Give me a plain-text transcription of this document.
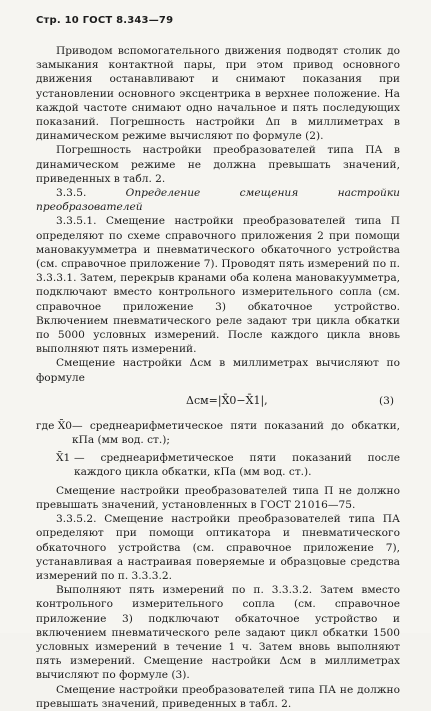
Стр. 10 ГОСТ 8.343—79

Приводом вспомогательного движения подводят столик до замыкания контактной пары, при этом привод основного движения останавливают и снимают показания при установлении основного эксцентрика в верхнее положение. На каждой частоте снимают одно начальное и пять последующих показаний. Погрешность настройки Δп в миллиметрах в динамическом режиме вычисляют по формуле (2).

Погрешность настройки преобразователей типа ПА в динамическом режиме не должна превышать значений, приведенных в табл. 2.

3.3.5.	Определение смещения настройки преобразователей

3.3.5.1. Смещение настройки преобразователей типа П определяют по схеме справочного приложения 2 при помощи мановакуумметра и пневматического обкаточного устройства (см. справочное приложение 7). Проводят пять измерений по п. 3.3.3.1. Затем, перекрыв кранами оба колена мановакуумметра, подключают вместо контрольного измерительного сопла (см. справочное приложение 3) обкаточное устройство. Включением пневматического реле задают три цикла обкатки по 5000 условных измерений. После каждого цикла вновь выполняют пять измерений.

Смещение настройки Δсм в миллиметрах вычисляют по формуле

Δсм=|X̄0−X̄1|,	(3)
где X̄0 — среднеарифметическое пяти показаний до обкатки, кПа (мм вод. ст.);
X̄1 — среднеарифметическое пяти показаний после каждого цикла обкатки, кПа (мм вод. ст.).

Смещение настройки преобразователей типа П не должно превышать значений, установленных в ГОСТ 21016—75.

3.3.5.2. Смещение настройки преобразователей типа ПА определяют при помощи оптикатора и пневматического обкаточного устройства (см. справочное приложение 7), устанавливая а настраивая поверяемые и образцовые средства измерений по п. 3.3.3.2.

Выполняют пять измерений по п. 3.3.3.2. Затем вместо контрольного измерительного сопла (см. справочное приложение 3) подключают обкаточное устройство и включением пневматического реле задают цикл обкатки 1500 условных измерений в течение 1 ч. Затем вновь выполняют пять измерений. Смещение настройки Δсм в миллиметрах вычисляют по формуле (3).

Смещение настройки преобразователей типа ПА не должно превышать значений, приведенных в табл. 2.
